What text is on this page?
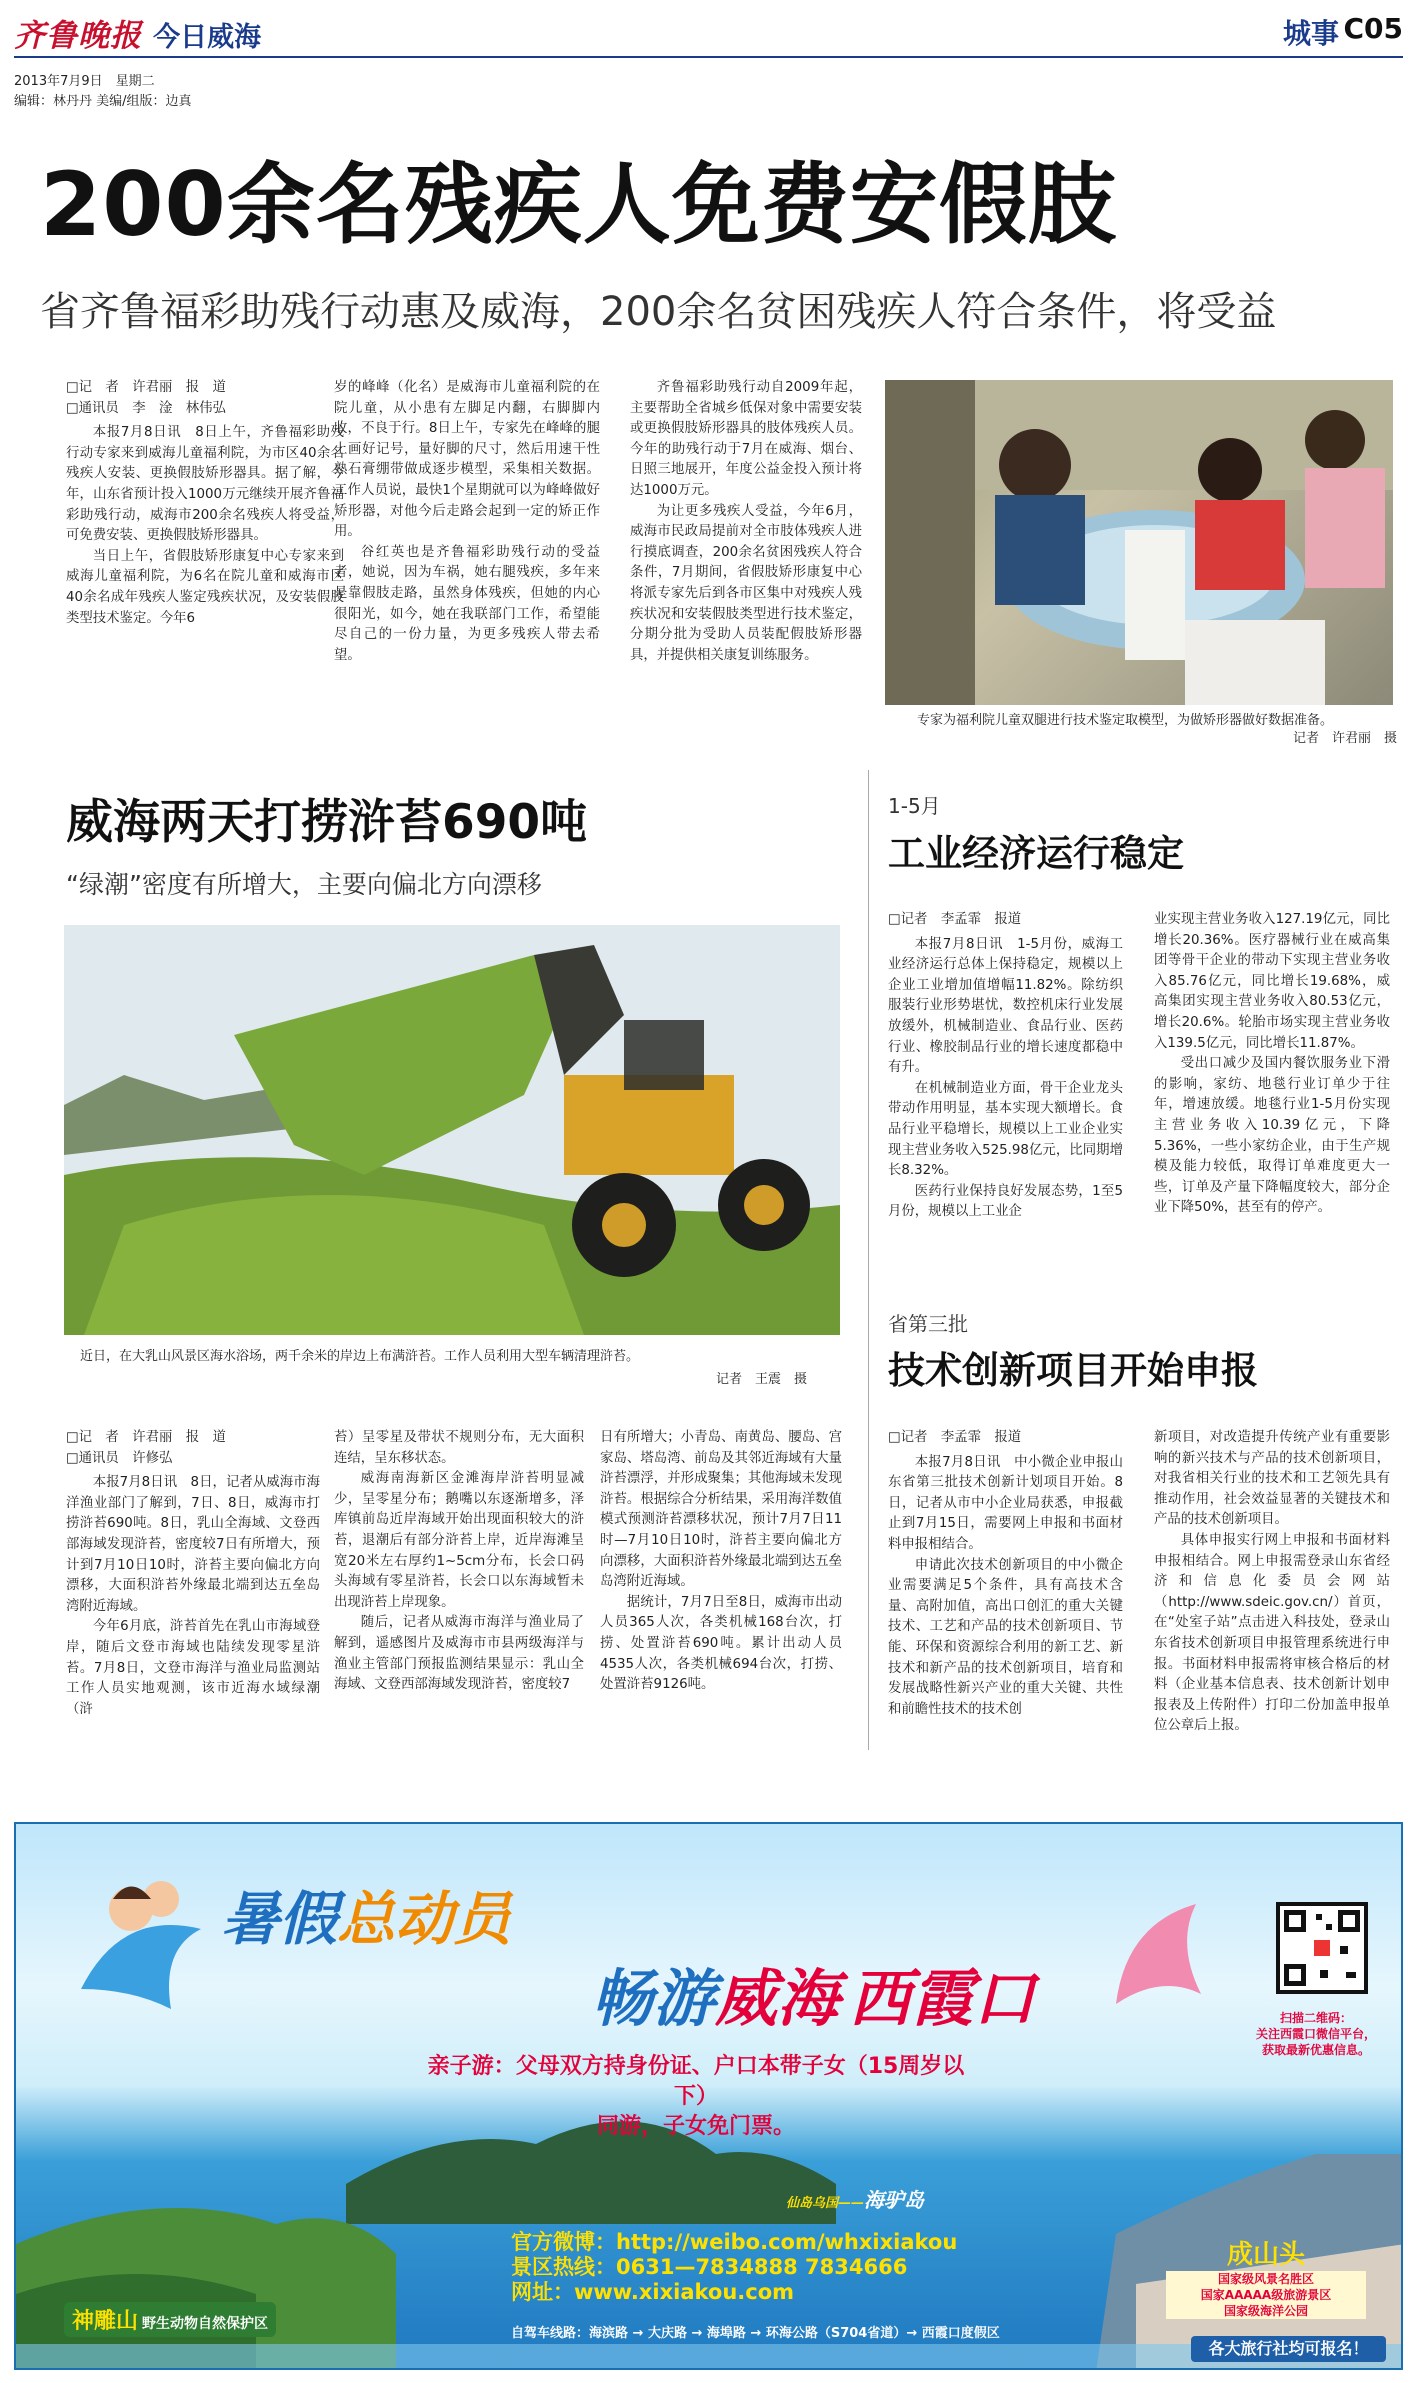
齐鲁晚报 今日威海	城事 C05
2013年7月9日　 星期二
编辑：林丹丹 美编/组版：边真
200余名残疾人免费安假肢
省齐鲁福彩助残行动惠及威海，200余名贫困残疾人符合条件，将受益
□记　者　许君丽　报　道
□通讯员　李　淦　林伟弘

本报7月8日讯　8日上午，齐鲁福彩助残行动专家来到威海儿童福利院，为市区40余名残疾人安装、更换假肢矫形器具。据了解，今年，山东省预计投入1000万元继续开展齐鲁福彩助残行动，威海市200余名残疾人将受益，可免费安装、更换假肢矫形器具。

当日上午，省假肢矫形康复中心专家来到威海儿童福利院，为6名在院儿童和威海市区40余名成年残疾人鉴定残疾状况，及安装假肢类型技术鉴定。今年6

岁的峰峰（化名）是威海市儿童福利院的在院儿童，从小患有左脚足内翻，右脚脚内收，不良于行。8日上午，专家先在峰峰的腿上画好记号，量好脚的尺寸，然后用速干性熟石膏绷带做成逐步模型，采集相关数据。工作人员说，最快1个星期就可以为峰峰做好矫形器，对他今后走路会起到一定的矫正作用。

谷红英也是齐鲁福彩助残行动的受益者，她说，因为车祸，她右腿残疾，多年来是靠假肢走路，虽然身体残疾，但她的内心很阳光，如今，她在我联部门工作，希望能尽自己的一份力量，为更多残疾人带去希望。

齐鲁福彩助残行动自2009年起，主要帮助全省城乡低保对象中需要安装或更换假肢矫形器具的肢体残疾人员。今年的助残行动于7月在威海、烟台、日照三地展开，年度公益金投入预计将达1000万元。

为让更多残疾人受益，今年6月，威海市民政局提前对全市肢体残疾人进行摸底调查，200余名贫困残疾人符合条件，7月期间，省假肢矫形康复中心将派专家先后到各市区集中对残疾人残疾状况和安装假肢类型进行技术鉴定，分期分批为受助人员装配假肢矫形器具，并提供相关康复训练服务。

专家为福利院儿童双腿进行技术鉴定取模型，为做矫形器做好数据准备。
记者　许君丽　摄
威海两天打捞浒苔690吨
“绿潮”密度有所增大，主要向偏北方向漂移
近日，在大乳山风景区海水浴场，两千余米的岸边上布满浒苔。工作人员利用大型车辆清理浒苔。
记者　王震　摄
□记　者　许君丽　报　道
□通讯员　许修弘

本报7月8日讯　8日，记者从威海市海洋渔业部门了解到，7日、8日，威海市打捞浒苔690吨。8日，乳山全海域、文登西部海域发现浒苔，密度较7日有所增大，预计到7月10日10时，浒苔主要向偏北方向漂移，大面积浒苔外缘最北端到达五垒岛湾附近海域。

今年6月底，浒苔首先在乳山市海域登岸，随后文登市海域也陆续发现零星浒苔。7月8日，文登市海洋与渔业局监测站工作人员实地观测，该市近海水域绿潮（浒

苔）呈零星及带状不规则分布，无大面积连结，呈东移状态。

威海南海新区金滩海岸浒苔明显减少，呈零星分布；鹅嘴以东逐渐增多，泽库镇前岛近岸海域开始出现面积较大的浒苔，退潮后有部分浒苔上岸，近岸海滩呈宽20米左右厚约1~5cm分布，长会口码头海域有零星浒苔，长会口以东海域暂未出现浒苔上岸现象。

随后，记者从威海市海洋与渔业局了解到，遥感图片及威海市市县两级海洋与渔业主管部门预报监测结果显示：乳山全海域、文登西部海域发现浒苔，密度较7

日有所增大；小青岛、南黄岛、腰岛、宫家岛、塔岛湾、前岛及其邻近海域有大量浒苔漂浮，并形成聚集；其他海域未发现浒苔。根据综合分析结果，采用海洋数值模式预测浒苔漂移状况，预计7月7日11时—7月10日10时，浒苔主要向偏北方向漂移，大面积浒苔外缘最北端到达五垒岛湾附近海域。

据统计，7月7日至8日，威海市出动人员365人次，各类机械168台次，打捞、处置浒苔690吨。累计出动人员4535人次，各类机械694台次，打捞、处置浒苔9126吨。

1-5月
工业经济运行稳定
□记者　李孟霏　报道

本报7月8日讯　1-5月份，威海工业经济运行总体上保持稳定，规模以上企业工业增加值增幅11.82%。除纺织服装行业形势堪忧，数控机床行业发展放缓外，机械制造业、食品行业、医药行业、橡胶制品行业的增长速度都稳中有升。

在机械制造业方面，骨干企业龙头带动作用明显，基本实现大额增长。食品行业平稳增长，规模以上工业企业实现主营业务收入525.98亿元，比同期增长8.32%。

医药行业保持良好发展态势，1至5月份，规模以上工业企

业实现主营业务收入127.19亿元，同比增长20.36%。医疗器械行业在威高集团等骨干企业的带动下实现主营业务收入85.76亿元，同比增长19.68%，威高集团实现主营业务收入80.53亿元，增长20.6%。轮胎市场实现主营业务收入139.5亿元，同比增长11.87%。

受出口减少及国内餐饮服务业下滑的影响，家纺、地毯行业订单少于往年，增速放缓。地毯行业1-5月份实现主营业务收入10.39亿元，下降5.36%，一些小家纺企业，由于生产规模及能力较低，取得订单难度更大一些，订单及产量下降幅度较大，部分企业下降50%，甚至有的停产。

省第三批
技术创新项目开始申报
□记者　李孟霏　报道

本报7月8日讯　中小微企业申报山东省第三批技术创新计划项目开始。8日，记者从市中小企业局获悉，申报截止到7月15日，需要网上申报和书面材料申报相结合。

申请此次技术创新项目的中小微企业需要满足5个条件，具有高技术含量、高附加值，高出口创汇的重大关键技术、工艺和产品的技术创新项目、节能、环保和资源综合利用的新工艺、新技术和新产品的技术创新项目，培育和发展战略性新兴产业的重大关键、共性和前瞻性技术的技术创

新项目，对改造提升传统产业有重要影响的新兴技术与产品的技术创新项目，对我省相关行业的技术和工艺领先具有推动作用，社会效益显著的关键技术和产品的技术创新项目。

具体申报实行网上申报和书面材料申报相结合。网上申报需登录山东省经济和信息化委员会网站（http://www.sdeic.gov.cn/）首页，在“处室子站”点击进入科技处，登录山东省技术创新项目申报管理系统进行申报。书面材料申报需将审核合格后的材料（企业基本信息表、技术创新计划申报表及上传附件）打印二份加盖申报单位公章后上报。

暑假总动员
畅游威海 西霞口	扫描二维码：
关注西霞口微信平台，
获取最新优惠信息。
亲子游：父母双方持身份证、户口本带子女（15周岁以下）
同游，子女免门票。
仙岛乌国——海驴岛
官方微博：http://weibo.com/whxixiakou
景区热线：0631—7834888 7834666
网址：www.xixiakou.com
自驾车线路：海滨路 → 大庆路 → 海埠路 → 环海公路（S704省道）→ 西霞口度假区
神雕山 野生动物自然保护区
成山头
国家级风景名胜区
国家AAAAA级旅游景区
国家级海洋公园
各大旅行社均可报名！
